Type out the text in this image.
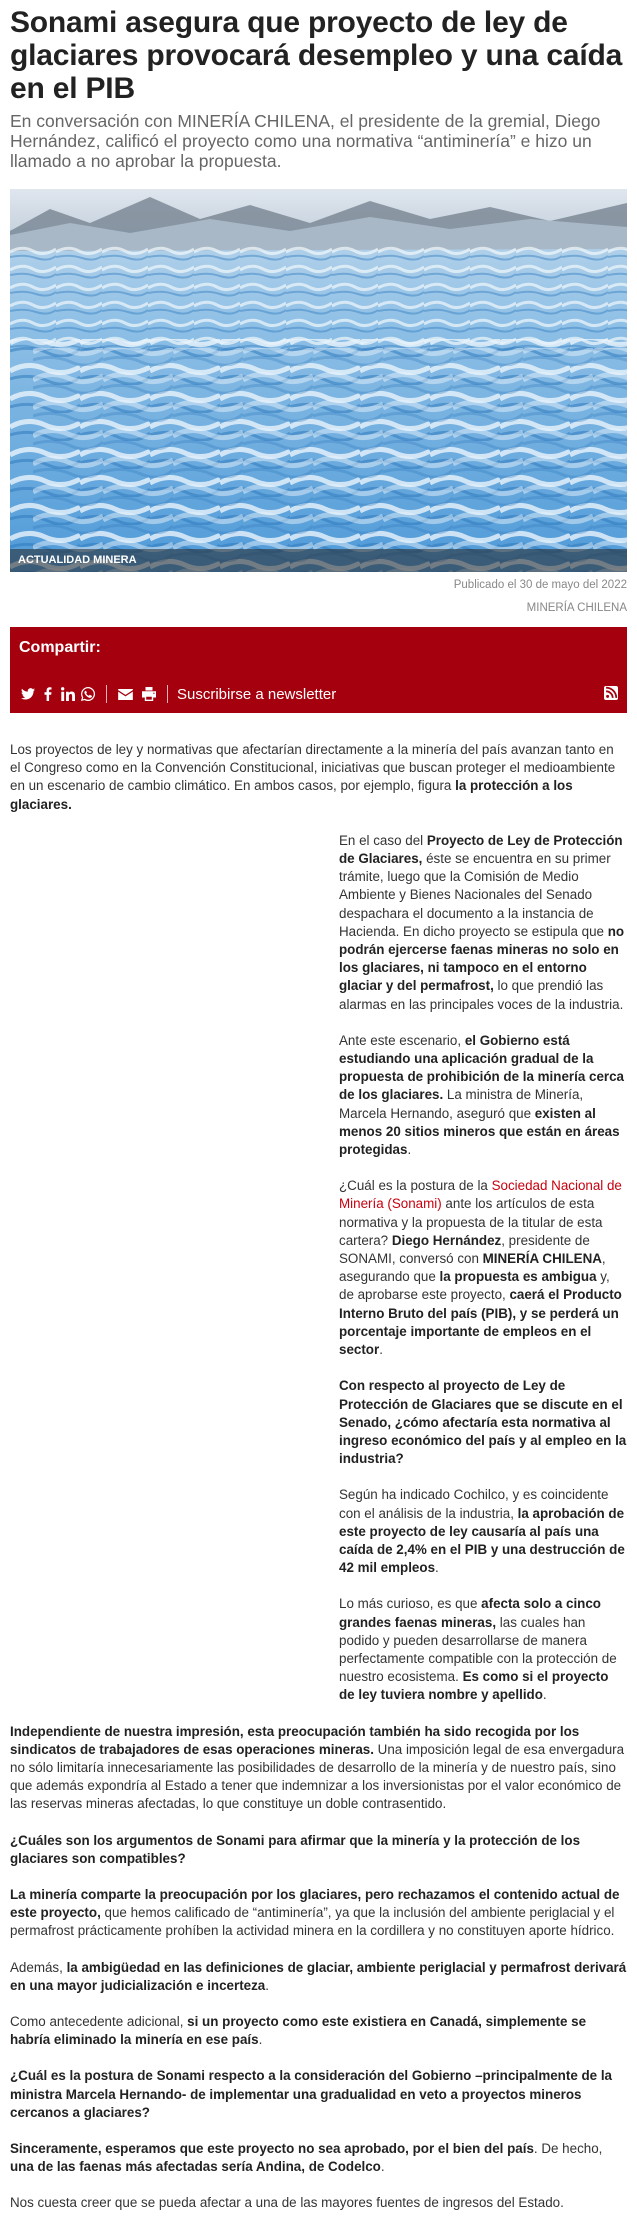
Sonami asegura que proyecto de ley de glaciares provocará desempleo y una caída en el PIB

En conversación con MINERÍA CHILENA, el presidente de la gremial, Diego Hernández, calificó el proyecto como una normativa “antiminería” e hizo un llamado a no aprobar la propuesta.

ACTUALIDAD MINERA
Publicado el 30 de mayo del 2022
MINERÍA CHILENA
Compartir:
Suscribirse a newsletter

Los proyectos de ley y normativas que afectarían directamente a la minería del país avanzan tanto en el Congreso como en la Convención Constitucional, iniciativas que buscan proteger el medioambiente en un escenario de cambio climático. En ambos casos, por ejemplo, figura la protección a los glaciares.

En el caso del Proyecto de Ley de Protección de Glaciares, éste se encuentra en su primer trámite, luego que la Comisión de Medio Ambiente y Bienes Nacionales del Senado despachara el documento a la instancia de Hacienda. En dicho proyecto se estipula que no podrán ejercerse faenas mineras no solo en los glaciares, ni tampoco en el entorno glaciar y del permafrost, lo que prendió las alarmas en las principales voces de la industria.

Ante este escenario, el Gobierno está estudiando una aplicación gradual de la propuesta de prohibición de la minería cerca de los glaciares. La ministra de Minería, Marcela Hernando, aseguró que existen al menos 20 sitios mineros que están en áreas protegidas.

¿Cuál es la postura de la Sociedad Nacional de Minería (Sonami) ante los artículos de esta normativa y la propuesta de la titular de esta cartera? Diego Hernández, presidente de SONAMI, conversó con MINERÍA CHILENA, asegurando que la propuesta es ambigua y, de aprobarse este proyecto, caerá el Producto Interno Bruto del país (PIB), y se perderá un porcentaje importante de empleos en el sector.

Con respecto al proyecto de Ley de Protección de Glaciares que se discute en el Senado, ¿cómo afectaría esta normativa al ingreso económico del país y al empleo en la industria?

Según ha indicado Cochilco, y es coincidente con el análisis de la industria, la aprobación de este proyecto de ley causaría al país una caída de 2,4% en el PIB y una destrucción de 42 mil empleos.

Lo más curioso, es que afecta solo a cinco grandes faenas mineras, las cuales han podido y pueden desarrollarse de manera perfectamente compatible con la protección de nuestro ecosistema. Es como si el proyecto de ley tuviera nombre y apellido.

Independiente de nuestra impresión, esta preocupación también ha sido recogida por los sindicatos de trabajadores de esas operaciones mineras. Una imposición legal de esa envergadura no sólo limitaría innecesariamente las posibilidades de desarrollo de la minería y de nuestro país, sino que además expondría al Estado a tener que indemnizar a los inversionistas por el valor económico de las reservas mineras afectadas, lo que constituye un doble contrasentido.

¿Cuáles son los argumentos de Sonami para afirmar que la minería y la protección de los glaciares son compatibles?

La minería comparte la preocupación por los glaciares, pero rechazamos el contenido actual de este proyecto, que hemos calificado de “antiminería”, ya que la inclusión del ambiente periglacial y el permafrost prácticamente prohíben la actividad minera en la cordillera y no constituyen aporte hídrico.

Además, la ambigüedad en las definiciones de glaciar, ambiente periglacial y permafrost derivará en una mayor judicialización e incerteza.

Como antecedente adicional, si un proyecto como este existiera en Canadá, simplemente se habría eliminado la minería en ese país.

¿Cuál es la postura de Sonami respecto a la consideración del Gobierno –principalmente de la ministra Marcela Hernando- de implementar una gradualidad en veto a proyectos mineros cercanos a glaciares?

Sinceramente, esperamos que este proyecto no sea aprobado, por el bien del país. De hecho, una de las faenas más afectadas sería Andina, de Codelco.

Nos cuesta creer que se pueda afectar a una de las mayores fuentes de ingresos del Estado.
